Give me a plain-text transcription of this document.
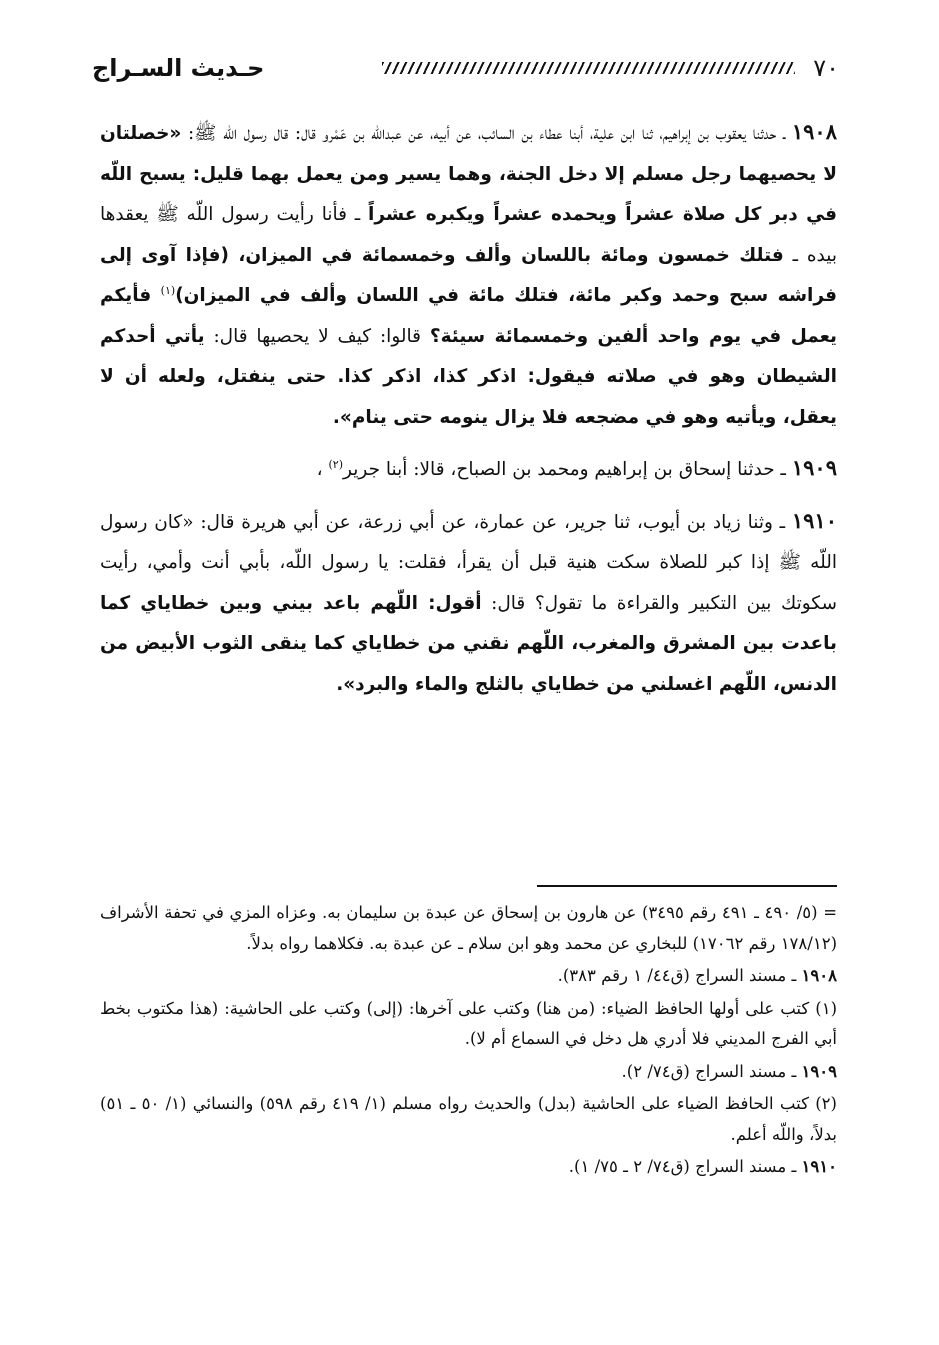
حـديث السـراج	٧٠

١٩٠٨ ـ حدثنا يعقوب بن إبراهيم، ثنا ابن علية، أبنا عطاء بن السائب، عن أبيه، عن عبداللّه بن عَمْرو قال: قال رسول اللّه ﷺ: «خصلتان لا يحصيهما رجل مسلم إلا دخل الجنة، وهما يسير ومن يعمل بهما قليل: يسبح اللّه في دبر كل صلاة عشراً ويحمده عشراً ويكبره عشراً ـ فأنا رأيت رسول اللّه ﷺ يعقدها بيده ـ فتلك خمسون ومائة باللسان وألف وخمسمائة في الميزان، (فإذا آوى إلى فراشه سبح وحمد وكبر مائة، فتلك مائة في اللسان وألف في الميزان)$^{(١)}$ فأيكم يعمل في يوم واحد ألفين وخمسمائة سيئة؟ قالوا: كيف لا يحصيها قال: يأتي أحدكم الشيطان وهو في صلاته فيقول: اذكر كذا، اذكر كذا. حتى ينفتل، ولعله أن لا يعقل، ويأتيه وهو في مضجعه فلا يزال ينومه حتى ينام».

١٩٠٩ ـ حدثنا إسحاق بن إبراهيم ومحمد بن الصباح، قالا: أبنا جرير$^{(٢)}$ ،

١٩١٠ ـ وثنا زياد بن أيوب، ثنا جرير، عن عمارة، عن أبي زرعة، عن أبي هريرة قال: «كان رسول اللّه ﷺ إذا كبر للصلاة سكت هنية قبل أن يقرأ، فقلت: يا رسول اللّه، بأبي أنت وأمي، رأيت سكوتك بين التكبير والقراءة ما تقول؟ قال: أقول: اللّهم باعد بيني وبين خطاياي كما باعدت بين المشرق والمغرب، اللّهم نقني من خطاياي كما ينقى الثوب الأبيض من الدنس، اللّهم اغسلني من خطاياي بالثلج والماء والبرد».

= (٥/ ٤٩٠ ـ ٤٩١ رقم ٣٤٩٥) عن هارون بن إسحاق عن عبدة بن سليمان به. وعزاه المزي في تحفة الأشراف (١٧٨/١٢ رقم ١٧٠٦٢) للبخاري عن محمد وهو ابن سلام ـ عن عبدة به. فكلاهما رواه بدلاً.
١٩٠٨ ـ مسند السراج (ق٤٤/ ١ رقم ٣٨٣).
(١) كتب على أولها الحافظ الضياء: (من هنا) وكتب على آخرها: (إلى) وكتب على الحاشية: (هذا مكتوب بخط أبي الفرج المديني فلا أدري هل دخل في السماع أم لا).
١٩٠٩ ـ مسند السراج (ق٧٤/ ٢).
(٢) كتب الحافظ الضياء على الحاشية (بدل) والحديث رواه مسلم (١/ ٤١٩ رقم ٥٩٨) والنسائي (١/ ٥٠ ـ ٥١) بدلاً، واللّه أعلم.
١٩١٠ ـ مسند السراج (ق٧٤/ ٢ ـ ٧٥/ ١).
